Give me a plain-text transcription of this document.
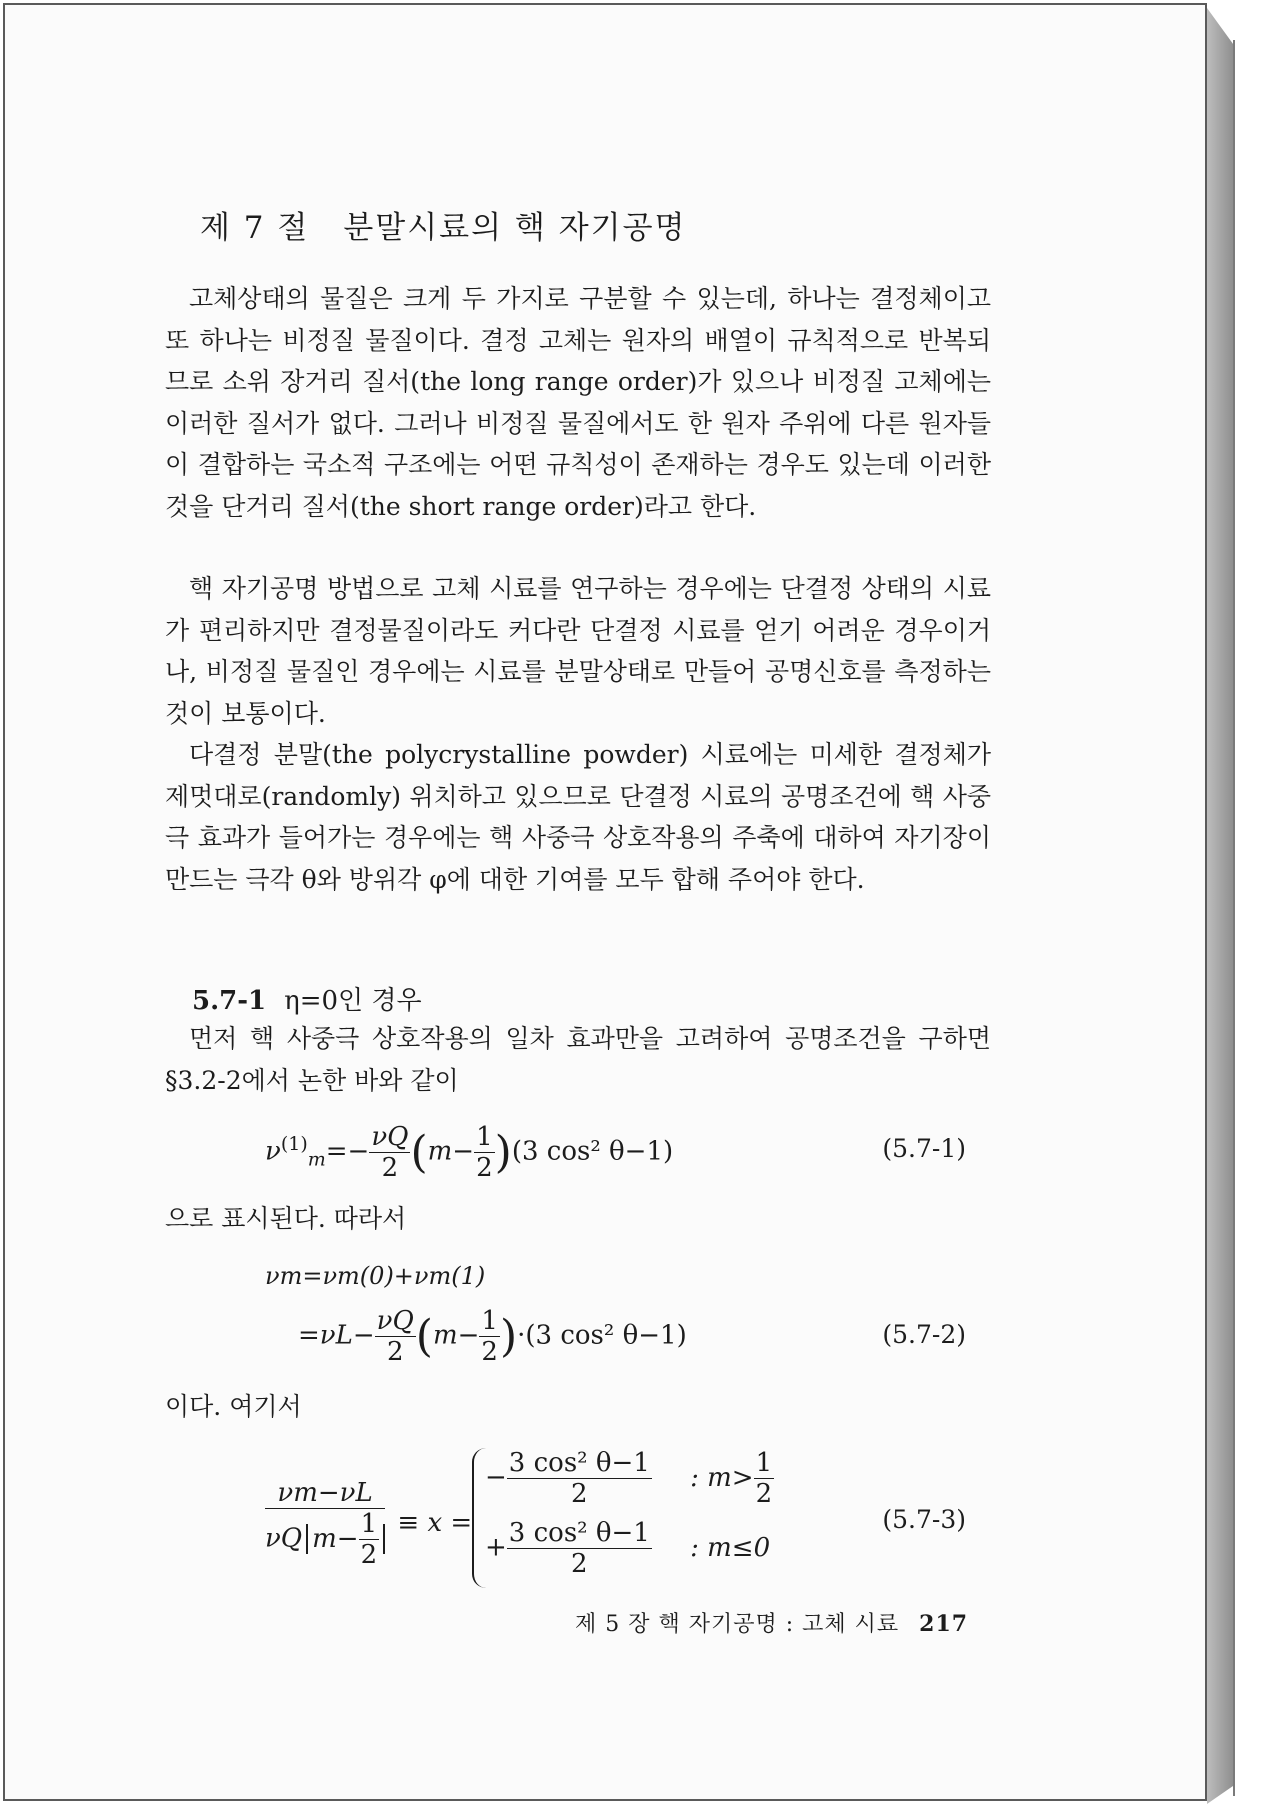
제 7 절 분말시료의 핵 자기공명
고체상태의 물질은 크게 두 가지로 구분할 수 있는데, 하나는 결정체이고 또 하나는 비정질 물질이다. 결정 고체는 원자의 배열이 규칙적으로 반복되므로 소위 장거리 질서(the long range order)가 있으나 비정질 고체에는 이러한 질서가 없다. 그러나 비정질 물질에서도 한 원자 주위에 다른 원자들이 결합하는 국소적 구조에는 어떤 규칙성이 존재하는 경우도 있는데 이러한 것을 단거리 질서(the short range order)라고 한다.
핵 자기공명 방법으로 고체 시료를 연구하는 경우에는 단결정 상태의 시료가 편리하지만 결정물질이라도 커다란 단결정 시료를 얻기 어려운 경우이거나, 비정질 물질인 경우에는 시료를 분말상태로 만들어 공명신호를 측정하는 것이 보통이다.
다결정 분말(the polycrystalline powder) 시료에는 미세한 결정체가 제멋대로(randomly) 위치하고 있으므로 단결정 시료의 공명조건에 핵 사중극 효과가 들어가는 경우에는 핵 사중극 상호작용의 주축에 대하여 자기장이 만드는 극각 θ와 방위각 φ에 대한 기여를 모두 합해 주어야 한다.
5.7-1 η=0인 경우
먼저 핵 사중극 상호작용의 일차 효과만을 고려하여 공명조건을 구하면 §3.2-2에서 논한 바와 같이
$\nu^{(1)}_m=- \frac{\nu Q}{2} (m- \frac{1}{2} )(3$ cos² θ−1)	(5.7-1)
으로 표시된다. 따라서
νm=νm(0)+νm(1)
$=\nu L- \frac{\nu Q}{2} (m- \frac{1}{2} )\cdot(3$ cos² θ−1)	(5.7-2)
이다. 여기서
$\frac{\nu m-\nu L}{\nu Q m- \frac{1}{2}} \equiv x$ =
− $\frac{\text{3 cos² θ−1}}{2}$ : $m> \frac{1}{2}$
+ $\frac{\text{3 cos² θ−1}}{2}$ : m≤0
(5.7-3)
제 5 장 핵 자기공명 : 고체 시료 217
